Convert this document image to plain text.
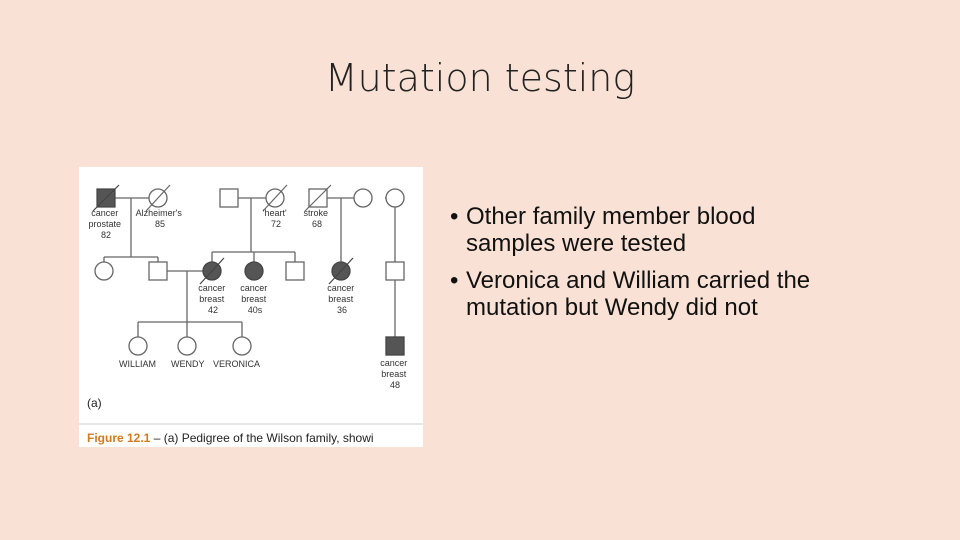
Mutation testing
cancer prostate 82
Alzheimer's 85
'heart' 72
stroke 68
cancer breast 42
cancer breast 40s
cancer breast 36
WILLIAM WENDY VERONICA	cancer breast 48
(a)
Figure 12.1 – (a) Pedigree of the Wilson family, showi
• Other family member blood samples were tested
• Veronica and William carried the mutation but Wendy did not
